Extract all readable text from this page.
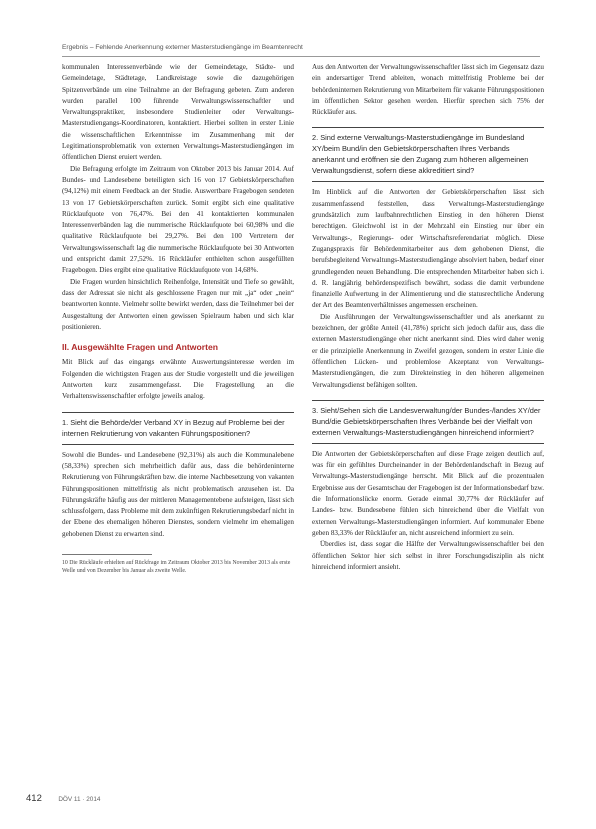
Ergebnis – Fehlende Anerkennung externer Masterstudiengänge im Beamtenrecht

kommunalen Interessenverbände wie der Gemeindetage, Städte- und Gemeindetage, Städtetage, Landkreistage sowie die dazugehörigen Spitzenverbände um eine Teilnahme an der Befragung gebeten. Zum anderen wurden parallel 100 führende Verwaltungswissenschaftler und Verwaltungspraktiker, insbesondere Studienleiter oder Verwaltungs-Masterstudiengangs-Koordinatoren, kontaktiert. Hierbei sollten in erster Linie die wissenschaftlichen Erkenntnisse im Zusammenhang mit der Legitimationsproblematik von externen Verwaltungs-Masterstudiengängen im öffentlichen Dienst eruiert werden.

Die Befragung erfolgte im Zeitraum von Oktober 2013 bis Januar 2014. Auf Bundes- und Landesebene beteiligten sich 16 von 17 Gebietskörperschaften (94,12%) mit einem Feedback an der Studie. Auswertbare Fragebogen sendeten 13 von 17 Gebietskörperschaften zurück. Somit ergibt sich eine qualitative Rücklaufquote von 76,47%. Bei den 41 kontaktierten kommunalen Interessenverbänden lag die nummerische Rücklaufquote bei 60,98% und die qualitative Rücklaufquote bei 29,27%. Bei den 100 Vertretern der Verwaltungswissenschaft lag die nummerische Rücklaufquote bei 30 Antworten und entspricht damit 27,52%. 16 Rückläufer enthielten schon ausgefüllten Fragebogen. Dies ergibt eine qualitative Rücklaufquote von 14,68%.

Die Fragen wurden hinsichtlich Reihenfolge, Intensität und Tiefe so gewählt, dass der Adressat sie nicht als geschlossene Fragen nur mit „ja“ oder „nein“ beantworten konnte. Vielmehr sollte bewirkt werden, dass die Teilnehmer bei der Ausgestaltung der Antworten einen gewissen Spielraum haben und sich klar positionieren.

II. Ausgewählte Fragen und Antworten

Mit Blick auf das eingangs erwähnte Auswertungsinteresse werden im Folgenden die wichtigsten Fragen aus der Studie vorgestellt und die jeweiligen Antworten kurz zusammengefasst. Die Fragestellung an die Verhaltenswissenschaftler erfolgte jeweils analog.

1. Sieht die Behörde/der Verband XY in Bezug auf Probleme bei der internen Rekrutierung von vakanten Führungspositionen?

Sowohl die Bundes- und Landesebene (92,31%) als auch die Kommunalebene (58,33%) sprechen sich mehrheitlich dafür aus, dass die behördeninterne Rekrutierung von Führungskräften bzw. die interne Nachbesetzung von vakanten Führungspositionen mittelfristig als nicht problematisch anzusehen ist. Da Führungskräfte häufig aus der mittleren Managementebene aufsteigen, lässt sich schlussfolgern, dass Probleme mit dem zukünftigen Rekrutierungsbedarf nicht in der Ebene des ehemaligen höheren Dienstes, sondern vielmehr im ehemaligen gehobenen Dienst zu erwarten sind.

10 Die Rückläufe erhielten auf Rückfrage im Zeitraum Oktober 2013 bis November 2013 als erste Welle und von Dezember bis Januar als zweite Welle.

Aus den Antworten der Verwaltungswissenschaftler lässt sich im Gegensatz dazu ein andersartiger Trend ableiten, wonach mittelfristig Probleme bei der behördeninternen Rekrutierung von Mitarbeitern für vakante Führungspositionen im öffentlichen Sektor gesehen werden. Hierfür sprechen sich 75% der Rückläufer aus.

2. Sind externe Verwaltungs-Masterstudiengänge im Bundesland XY/beim Bund/in den Gebietskörperschaften Ihres Verbands anerkannt und eröffnen sie den Zugang zum höheren allgemeinen Verwaltungsdienst, sofern diese akkreditiert sind?

Im Hinblick auf die Antworten der Gebietskörperschaften lässt sich zusammenfassend feststellen, dass Verwaltungs-Masterstudiengänge grundsätzlich zum laufbahnrechtlichen Einstieg in den höheren Dienst berechtigen. Gleichwohl ist in der Mehrzahl ein Einstieg nur über ein Verwaltungs-, Regierungs- oder Wirtschaftsreferendariat möglich. Diese Zugangspraxis für Behördenmitarbeiter aus dem gehobenen Dienst, die berufsbegleitend Verwaltungs-Masterstudiengänge absolviert haben, bedarf einer grundlegenden neuen Behandlung. Die entsprechenden Mitarbeiter haben sich i. d. R. langjährig behördenspezifisch bewährt, sodass die damit verbundene finanzielle Aufwertung in der Alimentierung und die statusrechtliche Änderung der Art des Beamtenverhältnisses angemessen erscheinen.

Die Ausführungen der Verwaltungswissenschaftler und als anerkannt zu bezeichnen, der größte Anteil (41,78%) spricht sich jedoch dafür aus, dass die externen Masterstudiengänge eher nicht anerkannt sind. Dies wird daher wenig er die prinzipielle Anerkennung in Zweifel gezogen, sondern in erster Linie die öffentlichen Lücken- und problemlose Akzeptanz von Verwaltungs-Masterstudiengängen, die zum Direkteinstieg in den höheren allgemeinen Verwaltungsdienst befähigen sollten.

3. Sieht/Sehen sich die Landesverwaltung/der Bundes-/landes XY/der Bund/die Gebietskörperschaften Ihres Verbände bei der Vielfalt von externen Verwaltungs-Masterstudiengängen hinreichend informiert?

Die Antworten der Gebietskörperschaften auf diese Frage zeigen deutlich auf, was für ein gefühltes Durcheinander in der Behördenlandschaft in Bezug auf Verwaltungs-Masterstudiengänge herrscht. Mit Blick auf die prozentualen Ergebnisse aus der Gesamtschau der Fragebogen ist der Informationsbedarf bzw. die Informationslücke enorm. Gerade einmal 30,77% der Rückläufer auf Landes- bzw. Bundesebene fühlen sich hinreichend über die Vielfalt von externen Verwaltungs-Masterstudiengängen informiert. Auf kommunaler Ebene geben 83,33% der Rückläufer an, nicht ausreichend informiert zu sein.

Überdies ist, dass sogar die Hälfte der Verwaltungswissenschaftler bei den öffentlichen Sektor hier sich selbst in ihrer Forschungsdisziplin als nicht hinreichend informiert ansieht.

412	DÖV 11 · 2014
